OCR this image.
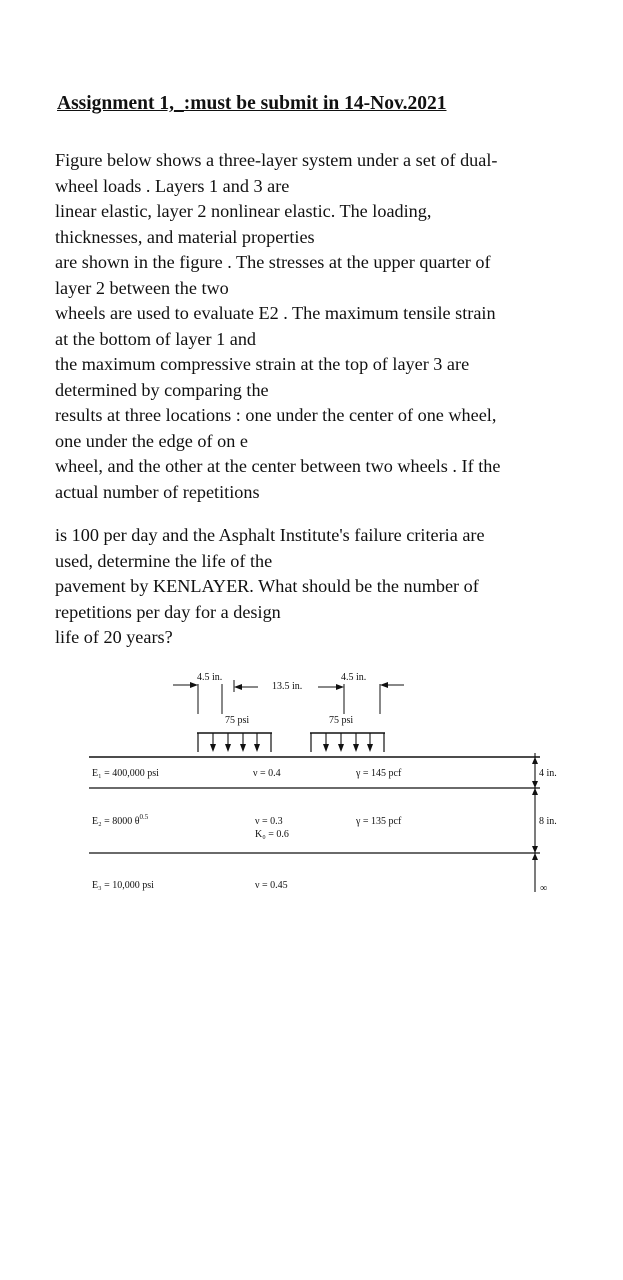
Assignment 1,_:must be submit in 14-Nov.2021

Figure below shows a three-layer system under a set of dual-
wheel loads . Layers 1 and 3 are
linear elastic, layer 2 nonlinear elastic. The loading,
thicknesses, and material properties
are shown in the figure . The stresses at the upper quarter of
layer 2 between the two
wheels are used to evaluate E2 . The maximum tensile strain
at the bottom of layer 1 and
the maximum compressive strain at the top of layer 3 are
determined by comparing the
results at three locations : one under the center of one wheel,
one under the edge of on e
wheel, and the other at the center between two wheels . If the
actual number of repetitions

is 100 per day and the Asphalt Institute's failure criteria are
used, determine the life of the
pavement by KENLAYER. What should be the number of
repetitions per day for a design
life of 20 years?

4.5 in.	4.5 in.
13.5 in.
75 psi	75 psi
E₁ = 400,000 psi	ν = 0.4	γ = 145 pcf
E₂ = 8000 $\theta^{0.5}$	ν = 0.3
K₀ = 0.6
γ = 135 pcf
E₃ = 10,000 psi	ν = 0.45
4 in.
8 in.
∞
